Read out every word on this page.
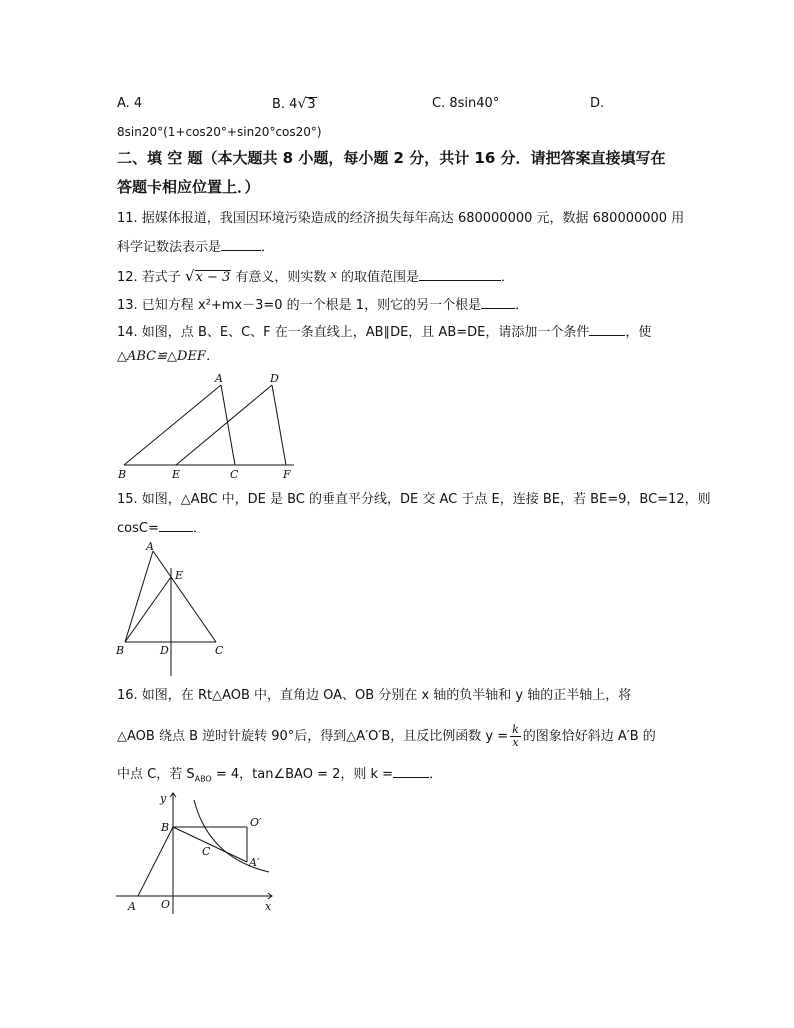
A. 4	B. 4√3	C. 8sin40°	D.
8sin20°(1+cos20°+sin20°cos20°)
二、填 空 题（本大题共 8 小题，每小题 2 分，共计 16 分．请把答案直接填写在
答题卡相应位置上．）
11. 据媒体报道，我国因环境污染造成的经济损失每年高达 680000000 元，数据 680000000 用
科学记数法表示是	．
12. 若式子 √x − 3 有意义，则实数 $^x$ 的取值范围是	．
13. 已知方程 x²+mx－3=0 的一个根是 1，则它的另一个根是	．
14. 如图，点 B、E、C、F 在一条直线上，AB∥DE，且 AB=DE，请添加一个条件	，使
△ABC≌△DEF．
A	D
B	E	C	F
15. 如图，△ABC 中，DE 是 BC 的垂直平分线，DE 交 AC 于点 E，连接 BE，若 BE=9，BC=12，则
cosC=	．
A
E
B	D	C
16. 如图，在 Rt△AOB 中，直角边 OA、OB 分别在 x 轴的负半轴和 y 轴的正半轴上，将
△AOB 绕点 B 逆时针旋转 90°后，得到△A′O′B，且反比例函数 $y = \frac{k}{x}$ 的图象恰好斜边 A′B 的
中点 C，若 $S_{ABO} = 4$，tan∠BAO = 2，则 k =	．
y
x
B	O′
C
A′
A O
